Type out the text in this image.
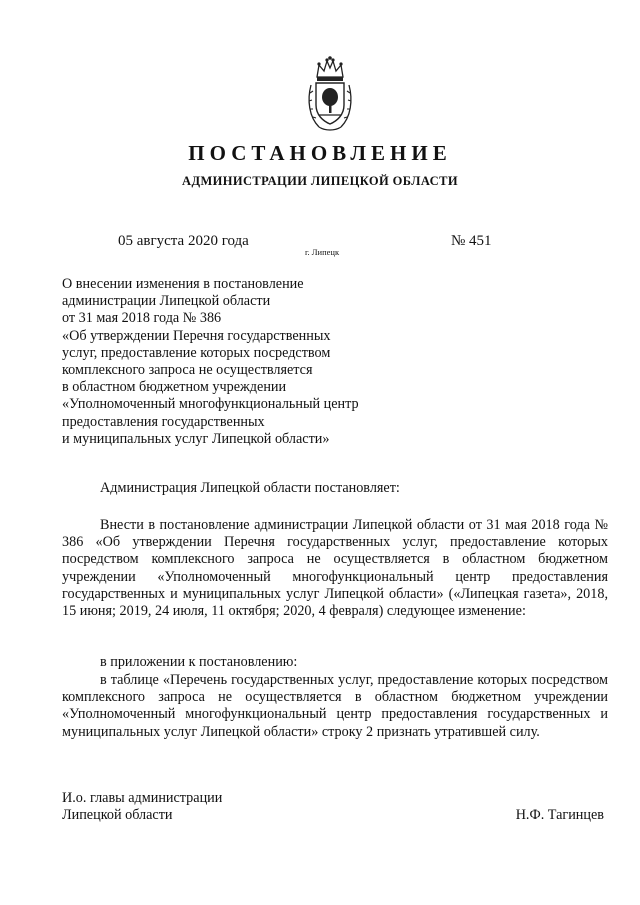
ПОСТАНОВЛЕНИЕ
АДМИНИСТРАЦИИ ЛИПЕЦКОЙ ОБЛАСТИ
05 августа 2020 года
г. Липецк
№ 451
О внесении изменения в постановление
администрации Липецкой области
от 31 мая 2018 года № 386
«Об утверждении Перечня государственных
услуг, предоставление которых посредством
комплексного запроса не осуществляется
в областном бюджетном учреждении
«Уполномоченный многофункциональный центр
предоставления государственных
и муниципальных услуг Липецкой области»
Администрация Липецкой области постановляет:
Внести в постановление администрации Липецкой области от 31 мая 2018 года № 386 «Об утверждении Перечня государственных услуг, предоставление которых посредством комплексного запроса не осуществляется в областном бюджетном учреждении «Уполномоченный многофункциональный центр предоставления государственных и муниципальных услуг Липецкой области» («Липецкая газета», 2018, 15 июня; 2019, 24 июля, 11 октября; 2020, 4 февраля) следующее изменение:
в приложении к постановлению:
в таблице «Перечень государственных услуг, предоставление которых посредством комплексного запроса не осуществляется в областном бюджетном учреждении «Уполномоченный многофункциональный центр предоставления государственных и муниципальных услуг Липецкой области» строку 2 признать утратившей силу.
И.о. главы администрации
Липецкой области	Н.Ф. Тагинцев
